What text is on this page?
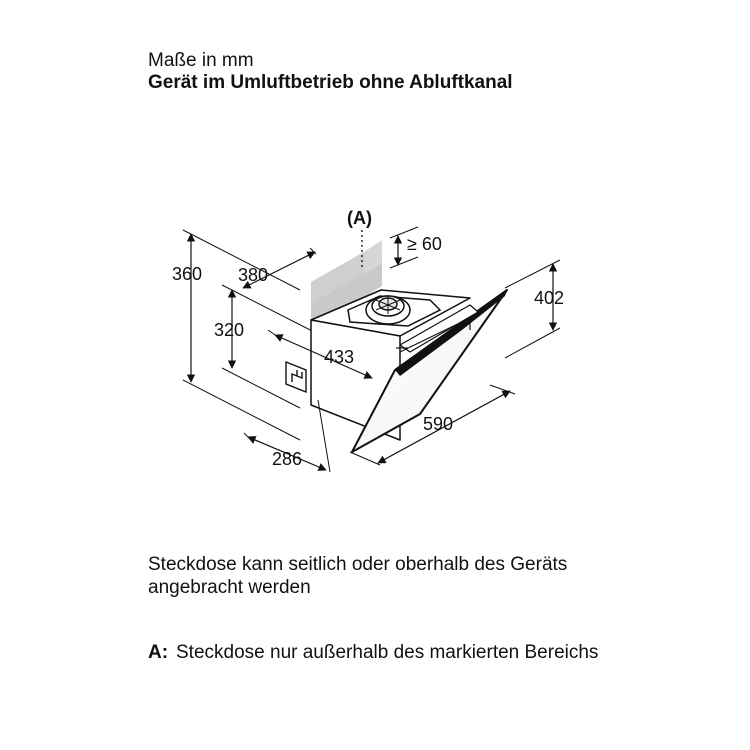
Maße in mm
Gerät im Umluftbetrieb ohne Abluftkanal
(A)
≥ 60
360 380
320
433
402
590
286
Steckdose kann seitlich oder oberhalb des Geräts angebracht werden
A: Steckdose nur außerhalb des markierten Bereichs
